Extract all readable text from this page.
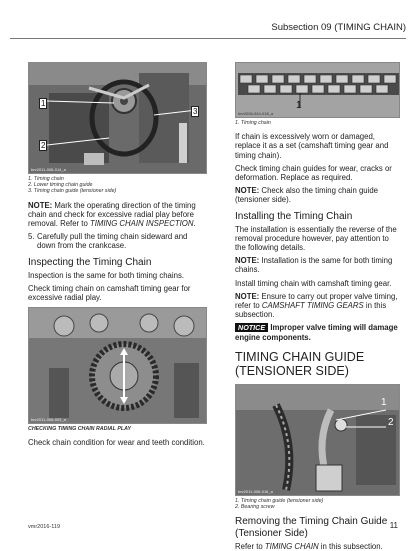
Subsection 09 (TIMING CHAIN)
1
2
3
tmr2011-006-014_a
1. Timing chain
2. Lower timing chain guide
3. Timing chain guide (tensioner side)

NOTE: Mark the operating direction of the timing chain and check for excessive radial play before removal. Refer to TIMING CHAIN INSPECTION.

5. Carefully pull the timing chain sideward and down from the crankcase.
Inspecting the Timing Chain

Inspection is the same for both timing chains.

Check timing chain on camshaft timing gear for excessive radial play.

tmr2011-006-003_a
CHECKING TIMING CHAIN RADIAL PLAY

Check chain condition for wear and teeth condition.

1
tmr2006-044-018_a
1. Timing chain

If chain is excessively worn or damaged, replace it as a set (camshaft timing gear and timing chain).

Check timing chain guides for wear, cracks or deformation. Replace as required.

NOTE: Check also the timing chain guide (tensioner side).

Installing the Timing Chain

The installation is essentially the reverse of the removal procedure however, pay attention to the following details.

NOTE: Installation is the same for both timing chains.

Install timing chain with camshaft timing gear.

NOTE: Ensure to carry out proper valve timing, refer to CAMSHAFT TIMING GEARS in this subsection.

NOTICE Improper valve timing will damage engine components.

TIMING CHAIN GUIDE (TENSIONER SIDE)
1
2
tmr2011-006-016_a
1. Timing chain guide (tensioner side)
2. Bearing screw
Removing the Timing Chain Guide (Tensioner Side)

Refer to TIMING CHAIN in this subsection.

vmr2016-119	11
